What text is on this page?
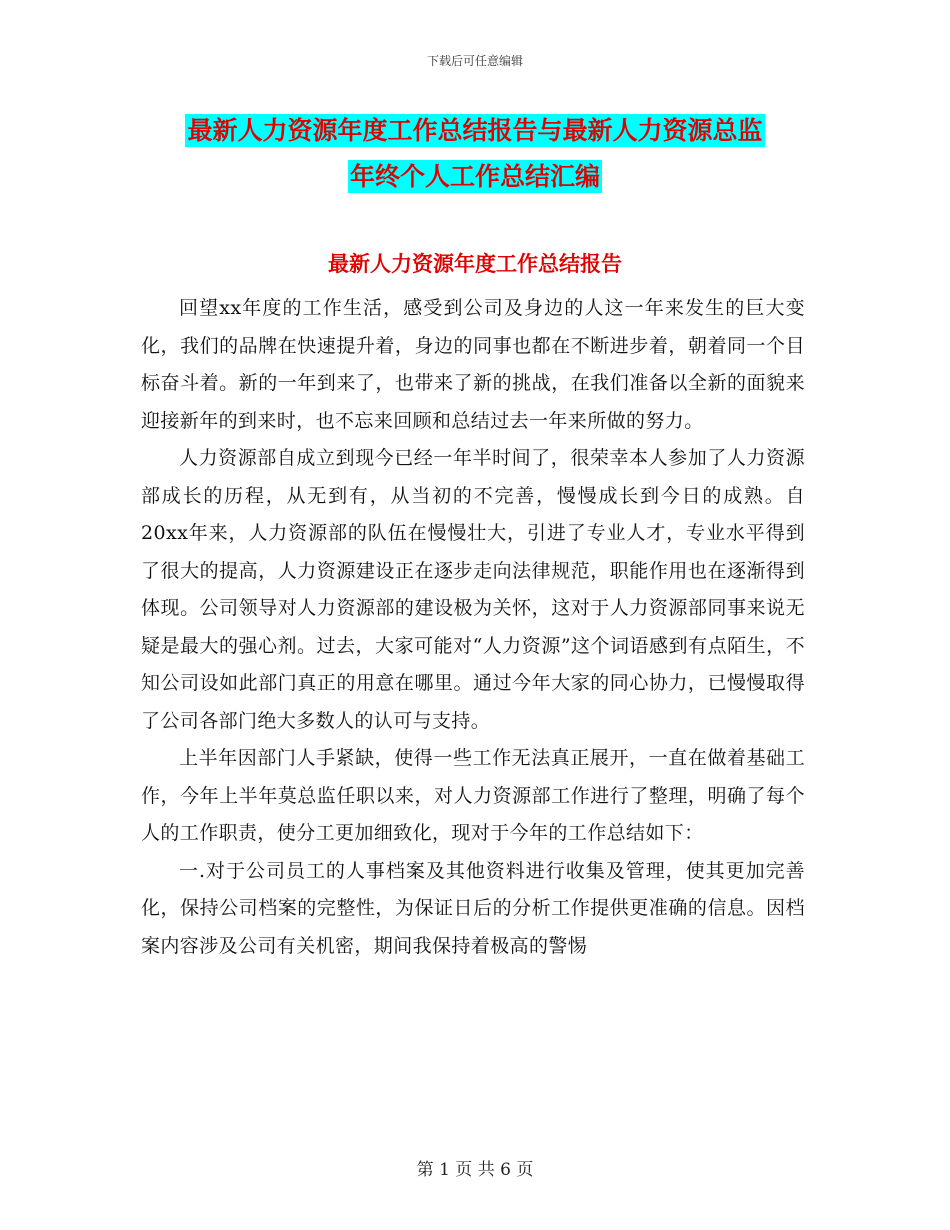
下载后可任意编辑
最新人力资源年度工作总结报告与最新人力资源总监
年终个人工作总结汇编
最新人力资源年度工作总结报告

回望xx年度的工作生活，感受到公司及身边的人这一年来发生的巨大变化，我们的品牌在快速提升着，身边的同事也都在不断进步着，朝着同一个目标奋斗着。新的一年到来了，也带来了新的挑战，在我们准备以全新的面貌来迎接新年的到来时，也不忘来回顾和总结过去一年来所做的努力。

人力资源部自成立到现今已经一年半时间了，很荣幸本人参加了人力资源部成长的历程，从无到有，从当初的不完善，慢慢成长到今日的成熟。自20xx年来，人力资源部的队伍在慢慢壮大，引进了专业人才，专业水平得到了很大的提高，人力资源建设正在逐步走向法律规范，职能作用也在逐渐得到体现。公司领导对人力资源部的建设极为关怀，这对于人力资源部同事来说无疑是最大的强心剂。过去，大家可能对“人力资源”这个词语感到有点陌生，不知公司设如此部门真正的用意在哪里。通过今年大家的同心协力，已慢慢取得了公司各部门绝大多数人的认可与支持。

上半年因部门人手紧缺，使得一些工作无法真正展开，一直在做着基础工作，今年上半年莫总监任职以来，对人力资源部工作进行了整理，明确了每个人的工作职责，使分工更加细致化，现对于今年的工作总结如下：

一.对于公司员工的人事档案及其他资料进行收集及管理，使其更加完善化，保持公司档案的完整性，为保证日后的分析工作提供更准确的信息。因档案内容涉及公司有关机密，期间我保持着极高的警惕

第 1 页 共 6 页
